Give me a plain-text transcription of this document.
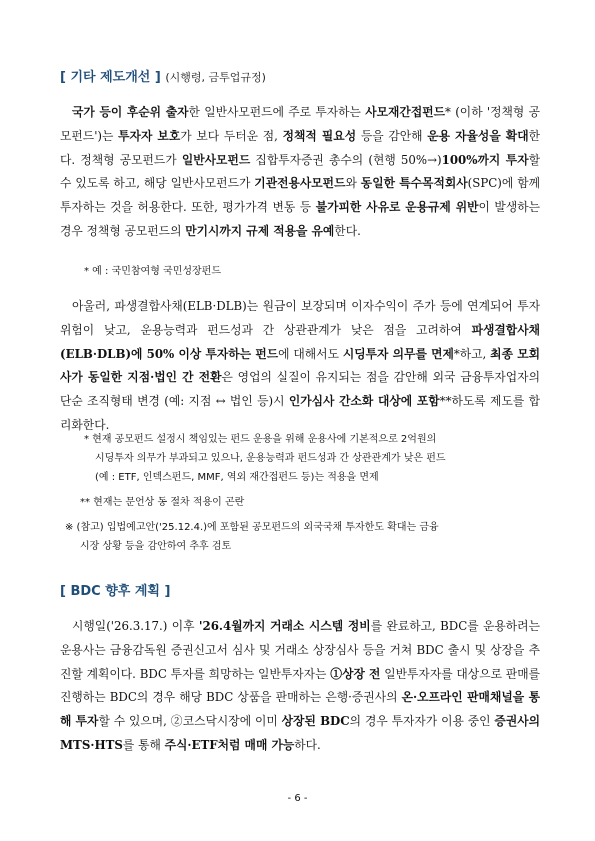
[ 기타 제도개선 ] (시행령, 금투업규정)
국가 등이 후순위 출자한 일반사모펀드에 주로 투자하는 사모재간접펀드* (이하 '정책형 공모펀드')는 투자자 보호가 보다 두터운 점, 정책적 필요성 등을 감안해 운용 자율성을 확대한다. 정책형 공모펀드가 일반사모펀드 집합투자증권 총수의 (현행 50%→)100%까지 투자할 수 있도록 하고, 해당 일반사모펀드가 기관전용사모펀드와 동일한 특수목적회사(SPC)에 함께 투자하는 것을 허용한다. 또한, 평가가격 변동 등 불가피한 사유로 운용규제 위반이 발생하는 경우 정책형 공모펀드의 만기시까지 규제 적용을 유예한다.
* 예 : 국민참여형 국민성장펀드
아울러, 파생결합사채(ELB·DLB)는 원금이 보장되며 이자수익이 주가 등에 연계되어 투자위험이 낮고, 운용능력과 펀드성과 간 상관관계가 낮은 점을 고려하여 파생결합사채(ELB·DLB)에 50% 이상 투자하는 펀드에 대해서도 시딩투자 의무를 면제*하고, 최종 모회사가 동일한 지점·법인 간 전환은 영업의 실질이 유지되는 점을 감안해 외국 금융투자업자의 단순 조직형태 변경 (예: 지점 ↔ 법인 등)시 인가심사 간소화 대상에 포함**하도록 제도를 합리화한다.
* 현재 공모펀드 설정시 책임있는 펀드 운용을 위해 운용사에 기본적으로 2억원의
시딩투자 의무가 부과되고 있으나, 운용능력과 펀드성과 간 상관관계가 낮은 펀드
(예 : ETF, 인덱스펀드, MMF, 역외 재간접펀드 등)는 적용을 면제
** 현재는 문언상 동 절차 적용이 곤란
※ (참고) 입법예고안('25.12.4.)에 포함된 공모펀드의 외국국채 투자한도 확대는 금융
시장 상황 등을 감안하여 추후 검토
[ BDC 향후 계획 ]
시행일('26.3.17.) 이후 '26.4월까지 거래소 시스템 정비를 완료하고, BDC를 운용하려는 운용사는 금융감독원 증권신고서 심사 및 거래소 상장심사 등을 거쳐 BDC 출시 및 상장을 추진할 계획이다. BDC 투자를 희망하는 일반투자자는 ①상장 전 일반투자자를 대상으로 판매를 진행하는 BDC의 경우 해당 BDC 상품을 판매하는 은행·증권사의 온·오프라인 판매채널을 통해 투자할 수 있으며, ②코스닥시장에 이미 상장된 BDC의 경우 투자자가 이용 중인 증권사의 MTS·HTS를 통해 주식·ETF처럼 매매 가능하다.
- 6 -
